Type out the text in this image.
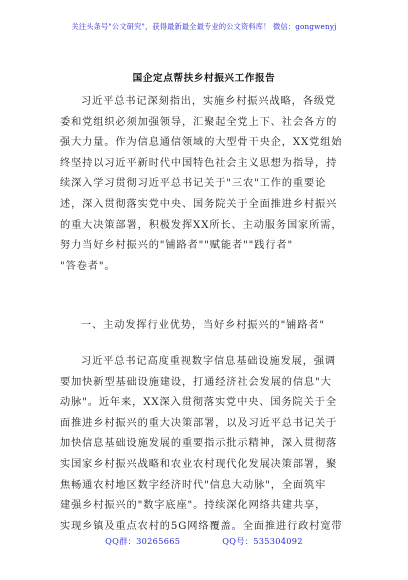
关注头条号"公文研究"，获得最新最全最专业的公文资料库！ 微信：gongwenyj
国企定点帮扶乡村振兴工作报告
习近平总书记深刻指出，实施乡村振兴战略，各级党
委和党组织必须加强领导，汇聚起全党上下、社会各方的
强大力量。作为信息通信领域的大型骨干央企，XX党组始
终坚持以习近平新时代中国特色社会主义思想为指导，持
续深入学习贯彻习近平总书记关于"三农"工作的重要论
述，深入贯彻落实党中央、国务院关于全面推进乡村振兴
的重大决策部署，积极发挥XX所长、主动服务国家所需，
努力当好乡村振兴的"铺路者""赋能者""践行者"
"答卷者"。
一、主动发挥行业优势，当好乡村振兴的"铺路者"
习近平总书记高度重视数字信息基础设施发展，强调
要加快新型基础设施建设，打通经济社会发展的信息"大
动脉"。近年来，XX深入贯彻落实党中央、国务院关于全
面推进乡村振兴的重大决策部署，以及习近平总书记关于
加快信息基础设施发展的重要指示批示精神，深入贯彻落
实国家乡村振兴战略和农业农村现代化发展决策部署，聚
焦畅通农村地区数字经济时代"信息大动脉"，全面筑牢
建强乡村振兴的"数字底座"。持续深化网络共建共享，
实现乡镇及重点农村的5G网络覆盖。全面推进行政村宽带
QQ群：30265665	QQ号：535304092
